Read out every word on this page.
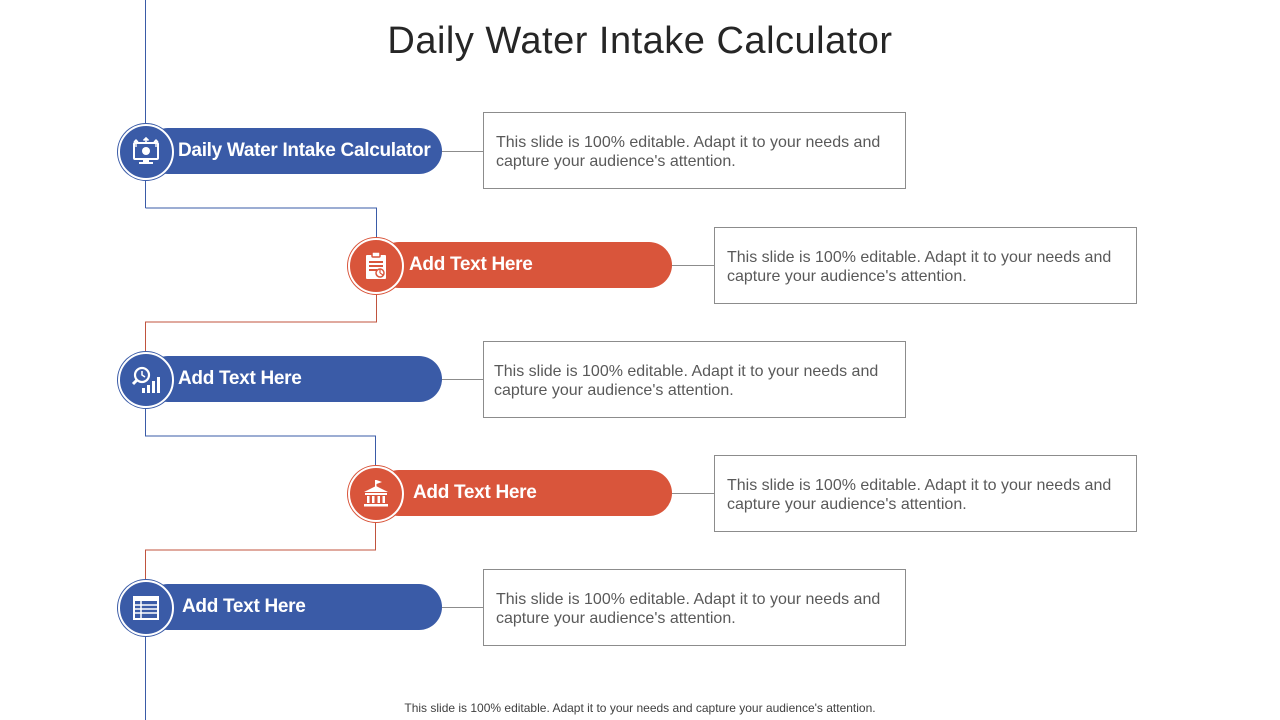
Daily Water Intake Calculator
Daily Water Intake Calculator	This slide is 100% editable. Adapt it to your needs and capture your audience's attention.
Add Text Here	This slide is 100% editable. Adapt it to your needs and capture your audience's attention.
Add Text Here	This slide is 100% editable. Adapt it to your needs and capture your audience's attention.
Add Text Here	This slide is 100% editable. Adapt it to your needs and capture your audience's attention.
Add Text Here	This slide is 100% editable. Adapt it to your needs and capture your audience's attention.
This slide is 100% editable. Adapt it to your needs and capture your audience's attention.
